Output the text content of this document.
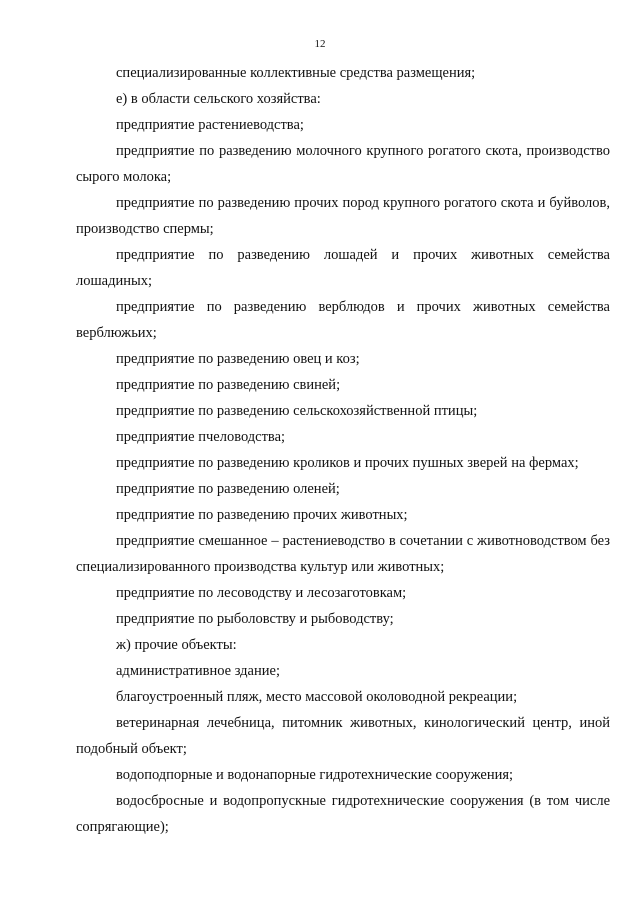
12

специализированные коллективные средства размещения;

е) в области сельского хозяйства:

предприятие растениеводства;

предприятие по разведению молочного крупного рогатого скота, производство сырого молока;

предприятие по разведению прочих пород крупного рогатого скота и буйволов, производство спермы;

предприятие по разведению лошадей и прочих животных семейства лошадиных;

предприятие по разведению верблюдов и прочих животных семейства верблюжьих;

предприятие по разведению овец и коз;

предприятие по разведению свиней;

предприятие по разведению сельскохозяйственной птицы;

предприятие пчеловодства;

предприятие по разведению кроликов и прочих пушных зверей на фермах;

предприятие по разведению оленей;

предприятие по разведению прочих животных;

предприятие смешанное – растениеводство в сочетании с животноводством без специализированного производства культур или животных;

предприятие по лесоводству и лесозаготовкам;

предприятие по рыболовству и рыбоводству;

ж) прочие объекты:

административное здание;

благоустроенный пляж, место массовой околоводной рекреации;

ветеринарная лечебница, питомник животных, кинологический центр, иной подобный объект;

водоподпорные и водонапорные гидротехнические сооружения;

водосбросные и водопропускные гидротехнические сооружения (в том числе сопрягающие);
